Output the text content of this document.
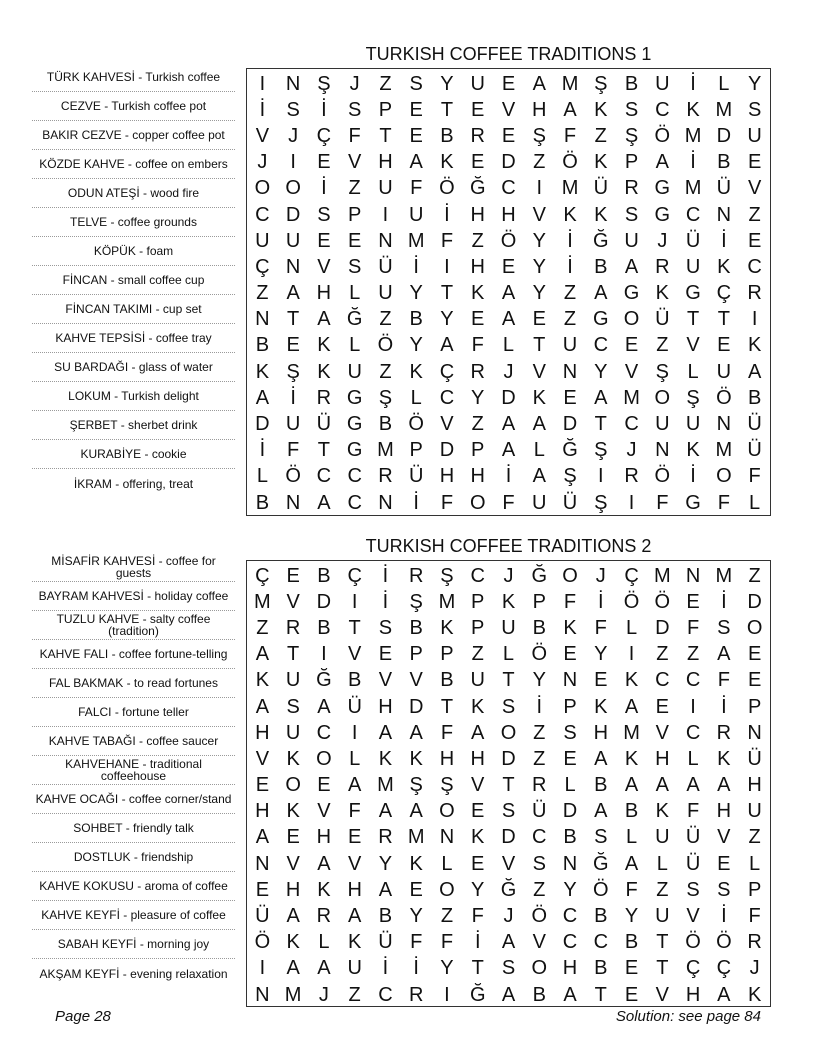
TURKISH COFFEE TRADITIONS 1
TÜRK KAHVESİ - Turkish coffee
CEZVE - Turkish coffee pot
BAKIR CEZVE - copper coffee pot
KÖZDE KAHVE - coffee on embers
ODUN ATEŞİ - wood fire
TELVE - coffee grounds
KÖPÜK - foam
FİNCAN - small coffee cup
FİNCAN TAKIMI - cup set
KAHVE TEPSİSİ - coffee tray
SU BARDAĞI - glass of water
LOKUM - Turkish delight
ŞERBET - sherbet drink
KURABİYE - cookie
İKRAM - offering, treat
I	N Ş J Z S Y U E A M Ş B U	İ	L Y
İ	S	İ	S P E T E V H A K S C K M S
V J Ç F T E B R E Ş F Z Ş Ö M D U
J	I	E V H A K E D Z Ö K P A	İ	B E
O O	İ	Z U F Ö Ğ C	I M Ü R G M Ü V
C D S P	I	U	İ	H H V K K S G C N Z
U U E E N M F Z Ö Y	İ	Ğ U J Ü	İ	E
Ç N V S Ü	İ	I	H E Y	İ	B A R U K C
Z A H L U Y T K A Y Z A G K G Ç R
N T A Ğ Z B Y E A E Z G O Ü T T	I
B E K L Ö Y A F L T U C E Z V E K
K Ş K U Z K Ç R J V N Y V Ş L U A
A	İ	R G Ş L C Y D K E A M O Ş Ö B
D U Ü G B Ö V Z A A D T C U U N Ü
İ	F T G M P D P A L Ğ Ş J N K M Ü
L Ö C C R Ü H H	İ	A Ş	I	R Ö	İ	O F
B N A C N	İ	F O F U Ü Ş	I	F G F L
TURKISH COFFEE TRADITIONS 2
MİSAFİR KAHVESİ - coffee for guests
BAYRAM KAHVESİ - holiday coffee
TUZLU KAHVE - salty coffee (tradition)
KAHVE FALI - coffee fortune-telling
FAL BAKMAK - to read fortunes
FALCI - fortune teller
KAHVE TABAĞI - coffee saucer
KAHVEHANE - traditional coffeehouse
KAHVE OCAĞI - coffee corner/stand
SOHBET - friendly talk
DOSTLUK - friendship
KAHVE KOKUSU - aroma of coffee
KAHVE KEYFİ - pleasure of coffee
SABAH KEYFİ - morning joy
AKŞAM KEYFİ - evening relaxation
Ç E B Ç	İ	R Ş C J Ğ O J Ç M N M Z
M V D	I	İ	Ş M P K P F	İ	Ö Ö E	İ	D
Z R B T S B K P U B K F L D F S O
A T	I	V E P P Z L Ö E Y	I	Z Z A E
K U Ğ B V V B U T Y N E K C C F E
A S A Ü H D T K S	İ	P K A E	I	İ	P
H U C	I	A A F A O Z S H M V C R N
V K O L K K H H D Z E A K H L K Ü
E O E A M Ş Ş V T R L B A A A A H
H K V F A A O E S Ü D A B K F H U
A E H E R M N K D C B S L U Ü V Z
N V A V Y K L E V S N Ğ A L Ü E L
E H K H A E O Y Ğ Z Y Ö F Z S S P
Ü A R A B Y Z F J Ö C B Y U V	İ	F
Ö K L K Ü F F	İ	A V C C B T Ö Ö R
I	A A U	İ	İ	Y T S O H B E T Ç Ç J
N M J Z C R	I	Ğ A B A T E V H A K
Page 28	Solution: see page 84
